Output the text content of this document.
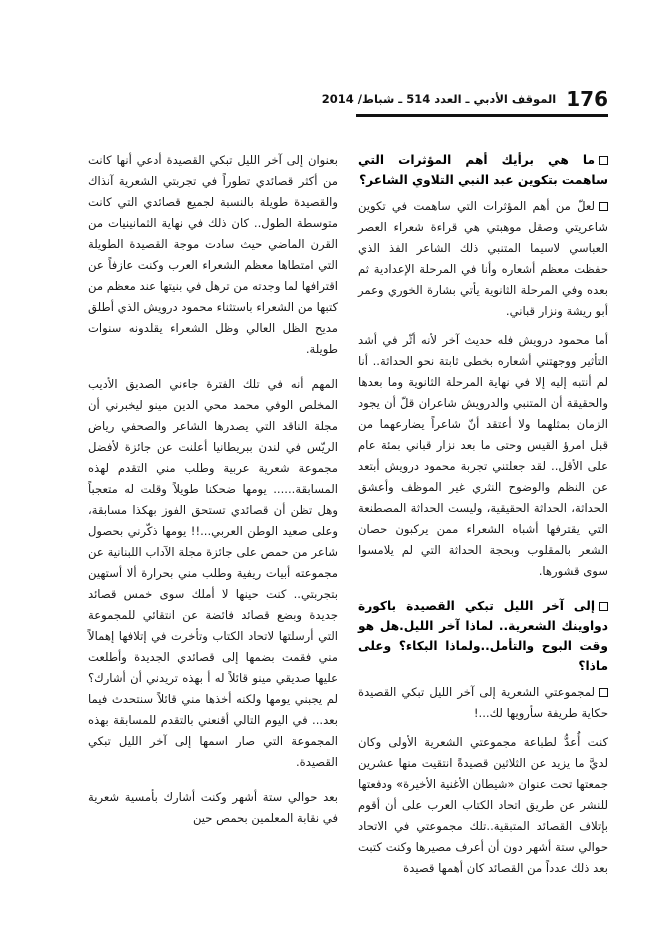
الموقف الأدبي ـ العدد 514 ـ شباط/ 2014 176

ما هي برأيك أهم المؤثرات التي ساهمت بتكوين عبد النبي التلاوي الشاعر؟

لعلّ من أهم المؤثرات التي ساهمت في تكوين شاعريتي وصقل موهبتي هي قراءة شعراء العصر العباسي لاسيما المتنبي ذلك الشاعر الفذ الذي حفظت معظم أشعاره وأنا في المرحلة الإعدادية ثم بعده وفي المرحلة الثانوية يأتي بشارة الخوري وعمر أبو ريشة ونزار قباني.

أما محمود درويش فله حديث آخر لأنه أثّر في أشد التأثير ووجهتني أشعاره بخطى ثابتة نحو الحداثة.. أنا لم أنتبه إليه إلا في نهاية المرحلة الثانوية وما بعدها والحقيقة أن المتنبي والدرويش شاعران قلّ أن يجود الزمان بمثلهما ولا أعتقد أنّ شاعراً يضارعهما من قبل امرؤ القيس وحتى ما بعد نزار قباني بمئة عام على الأقل.. لقد جعلتني تجربة محمود درويش أبتعد عن النظم والوضوح النثري غير الموظف وأعشق الحداثة، الحداثة الحقيقية، وليست الحداثة المصطنعة التي يقترفها أشباه الشعراء ممن يركبون حصان الشعر بالمقلوب وبحجة الحداثة التي لم يلامسوا سوى قشورها.

إلى آخر الليل تبكي القصيدة باكورة دواوينك الشعرية.. لماذا آخر الليل.هل هو وقت البوح والتأمل..ولماذا البكاء؟ وعلى ماذا؟

لمجموعتي الشعرية إلى آخر الليل تبكي القصيدة حكاية طريفة سأرويها لك...!

كنت أُعدُّ لطباعة مجموعتي الشعرية الأولى وكان لديَّ ما يزيد عن الثلاثين قصيدةً انتقيت منها عشرين جمعتها تحت عنوان «شيطان الأغنية الأخيرة» ودفعتها للنشر عن طريق اتحاد الكتاب العرب على أن أقوم بإتلاف القصائد المتبقية..تلك مجموعتي في الاتحاد حوالي ستة أشهر دون أن أعرف مصيرها وكنت كتبت بعد ذلك عدداً من القصائد كان أهمها قصيدة

بعنوان إلى آخر الليل تبكي القصيدة أدعي أنها كانت من أكثر قصائدي تطوراً في تجربتي الشعرية آنذاك والقصيدة طويلة بالنسبة لجميع قصائدي التي كانت متوسطة الطول.. كان ذلك في نهاية الثمانينيات من القرن الماضي حيث سادت موجة القصيدة الطويلة التي امتطاها معظم الشعراء العرب وكنت عازفاً عن اقترافها لما وجدته من ترهل في بنيتها عند معظم من كتبها من الشعراء باستثناء محمود درويش الذي أطلق مديح الظل العالي وظل الشعراء يقلدونه سنوات طويلة.

المهم أنه في تلك الفترة جاءني الصديق الأديب المخلص الوفي محمد محي الدين مينو ليخبرني أن مجلة الناقد التي يصدرها الشاعر والصحفي رياض الريّس في لندن ببريطانيا أعلنت عن جائزة لأفضل مجموعة شعرية عربية وطلب مني التقدم لهذه المسابقة...... يومها ضحكنا طويلاً وقلت له متعجباً وهل تظن أن قصائدي تستحق الفوز بهكذا مسابقة، وعلى صعيد الوطن العربي...!! يومها ذكّرني بحصول شاعر من حمص على جائزة مجلة الآداب اللبنانية عن مجموعته أبيات ريفية وطلب مني بحرارة ألا أستهين بتجربتي.. كنت حينها لا أملك سوى خمس قصائد جديدة وبضع قصائد فائضة عن انتقائي للمجموعة التي أرسلتها لاتحاد الكتاب وتأخرت في إتلافها إهمالاً مني فقمت بضمها إلى قصائدي الجديدة وأطلعت عليها صديقي مينو قائلاً له أ بهذه تريدني أن أشارك؟ لم يجبني يومها ولكنه أخذها مني قائلاً سنتحدث فيما بعد... في اليوم التالي أقنعني بالتقدم للمسابقة بهذه المجموعة التي صار اسمها إلى آخر الليل تبكي القصيدة.

بعد حوالي ستة أشهر وكنت أشارك بأمسية شعرية في نقابة المعلمين بحمص حين
